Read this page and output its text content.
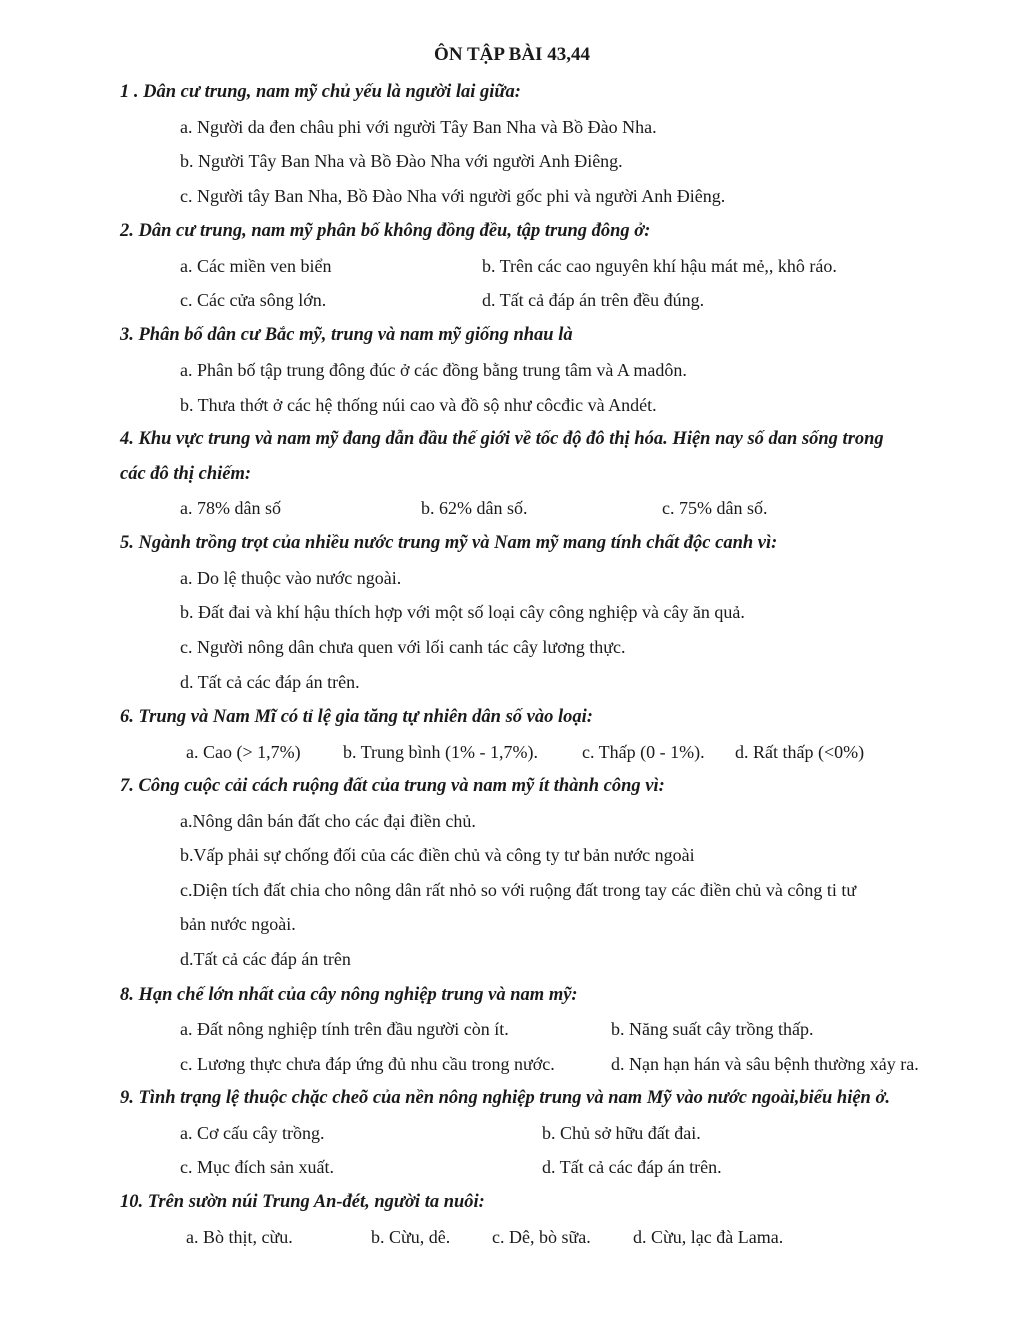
ÔN TẬP BÀI 43,44
1 . Dân cư trung, nam mỹ chủ yếu là người lai giữa:
a. Người da đen châu phi với người Tây Ban Nha và Bồ Đào Nha.
b. Người Tây Ban Nha và Bồ Đào Nha với người Anh Điêng.
c. Người tây Ban Nha, Bồ Đào Nha với người gốc phi và người Anh Điêng.
2. Dân cư trung, nam mỹ phân bố không đồng đều, tập trung đông ở:
a. Các miền ven biển	b. Trên các cao nguyên khí hậu mát mẻ,, khô ráo.
c. Các cửa sông lớn.	d. Tất cả đáp án trên đều đúng.
3. Phân bố dân cư Bắc mỹ, trung và nam mỹ giống nhau là
a. Phân bố tập trung đông đúc ở các đồng bằng trung tâm và A madôn.
b. Thưa thớt ở các hệ thống núi cao và đồ sộ như côcđic và Andét.
4. Khu vực trung và nam mỹ đang dẫn đầu thế giới về tốc độ đô thị hóa. Hiện nay số dan sống trong
các đô thị chiếm:
a. 78% dân số	b. 62% dân số.	c. 75% dân số.
5. Ngành trồng trọt của nhiều nước trung mỹ và Nam mỹ mang tính chất độc canh vì:
a. Do lệ thuộc vào nước ngoài.
b. Đất đai và khí hậu thích hợp với một số loại cây công nghiệp và cây ăn quả.
c. Người nông dân chưa quen với lối canh tác cây lương thực.
d. Tất cả các đáp án trên.
6. Trung và Nam Mĩ có tỉ lệ gia tăng tự nhiên dân số vào loại:
a. Cao (> 1,7%) b. Trung bình (1% - 1,7%). c. Thấp (0 - 1%). d. Rất thấp (<0%)
7. Công cuộc cải cách ruộng đất của trung và nam mỹ ít thành công vì:
a.Nông dân bán đất cho các đại điền chủ.
b.Vấp phải sự chống đối của các điền chủ và công ty tư bản nước ngoài
c.Diện tích đất chia cho nông dân rất nhỏ so với ruộng đất trong tay các điền chủ và công ti tư
bản nước ngoài.
d.Tất cả các đáp án trên
8. Hạn chế lớn nhất của cây nông nghiệp trung và nam mỹ:
a. Đất nông nghiệp tính trên đầu người còn ít.	b. Năng suất cây trồng thấp.
c. Lương thực chưa đáp ứng đủ nhu cầu trong nước.	d. Nạn hạn hán và sâu bệnh thường xảy ra.
9. Tình trạng lệ thuộc chặc cheõ của nền nông nghiệp trung và nam Mỹ vào nước ngoài,biểu hiện ở.
a. Cơ cấu cây trồng.	b. Chủ sở hữu đất đai.
c. Mục đích sản xuất.	d. Tất cả các đáp án trên.
10. Trên sườn núi Trung An-đét, người ta nuôi:
a. Bò thịt, cừu.	b. Cừu, dê. c. Dê, bò sữa. d. Cừu, lạc đà Lama.
